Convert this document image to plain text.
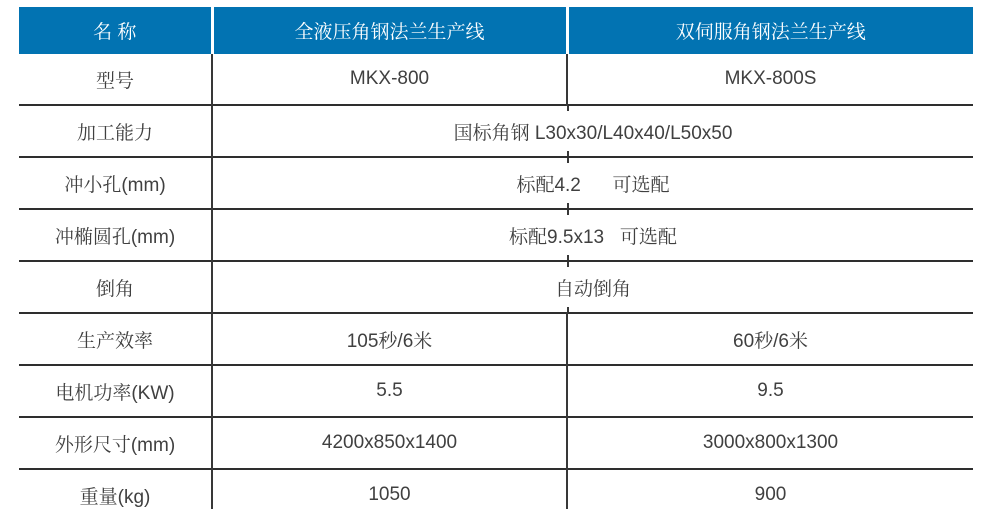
名 称	全液压角钢法兰生产线	双伺服角钢法兰生产线
型号	MKX-800	MKX-800S
加工能力	国标角钢 L30x30/L40x40/L50x50	
冲小孔(mm)	标配4.2      可选配	
冲椭圆孔(mm)	标配9.5x13   可选配	
倒角	自动倒角	
生产效率	105秒/6米	60秒/6米
电机功率(KW)	5.5	9.5
外形尺寸(mm)	4200x850x1400	3000x800x1300
重量(kg)	1050	900
